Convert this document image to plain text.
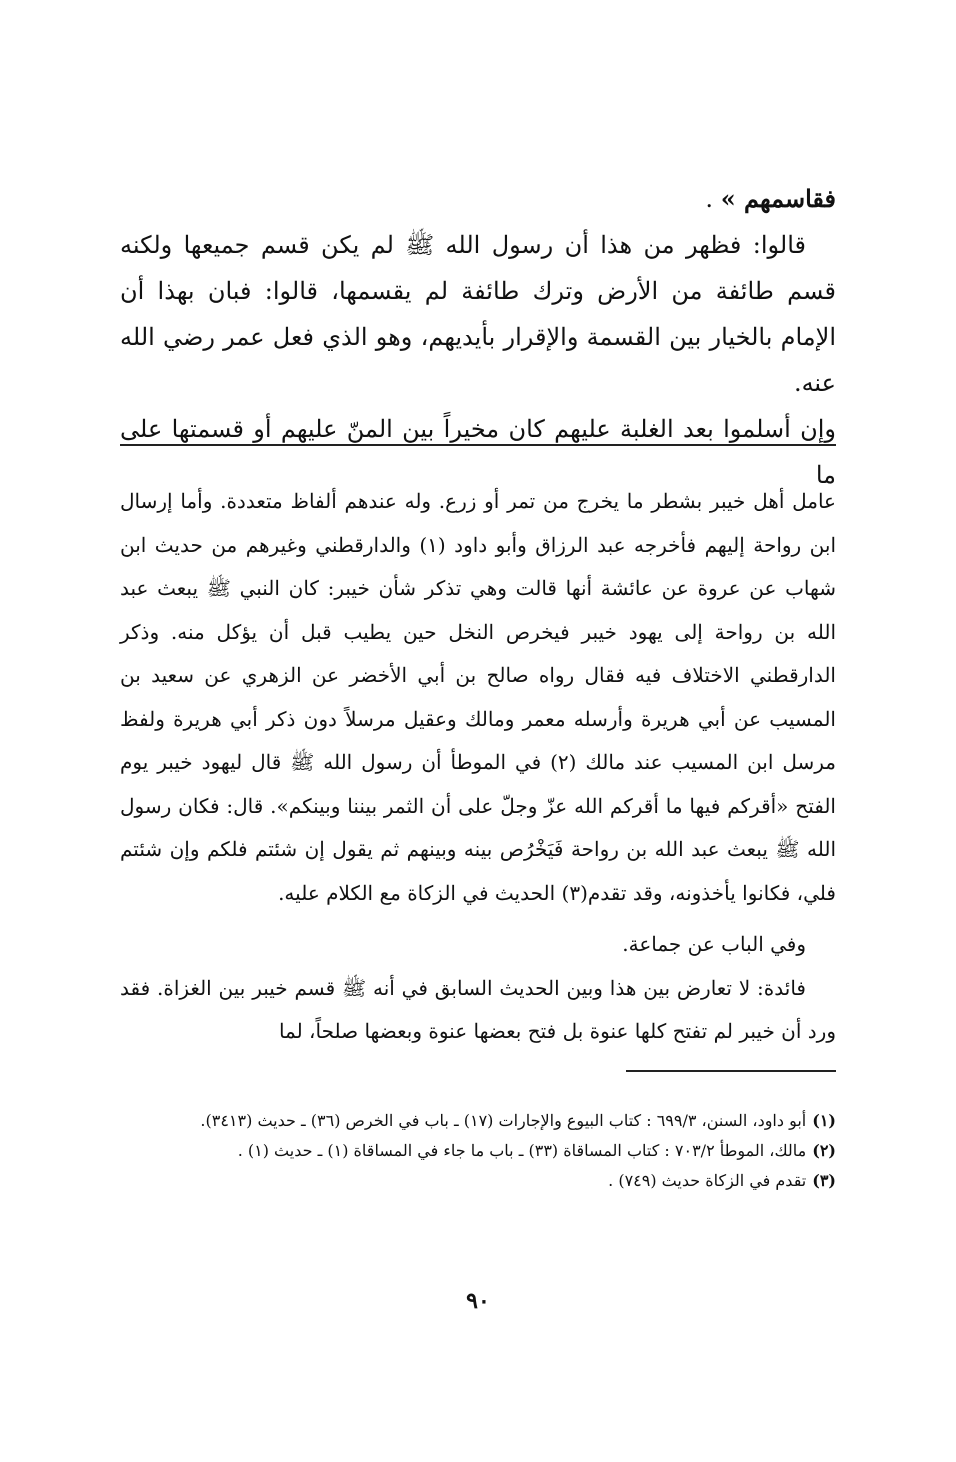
فقاسمهم » .

قالوا: فظهر من هذا أن رسول الله ﷺ لم يكن قسم جميعها ولكنه قسم طائفة من الأرض وترك طائفة لم يقسمها، قالوا: فبان بهذا أن الإمام بالخيار بين القسمة والإقرار بأيديهم، وهو الذي فعل عمر رضي الله عنه.

وإن أسلموا بعد الغلبة عليهم كان مخيراً بين المنّ عليهم أو قسمتها على ما

عامل أهل خيبر بشطر ما يخرج من تمر أو زرع. وله عندهم ألفاظ متعددة. وأما إرسال ابن رواحة إليهم فأخرجه عبد الرزاق وأبو داود (١) والدارقطني وغيرهم من حديث ابن شهاب عن عروة عن عائشة أنها قالت وهي تذكر شأن خيبر: كان النبي ﷺ يبعث عبد الله بن رواحة إلى يهود خيبر فيخرص النخل حين يطيب قبل أن يؤكل منه. وذكر الدارقطني الاختلاف فيه فقال رواه صالح بن أبي الأخضر عن الزهري عن سعيد بن المسيب عن أبي هريرة وأرسله معمر ومالك وعقيل مرسلاً دون ذكر أبي هريرة ولفظ مرسل ابن المسيب عند مالك (٢) في الموطأ أن رسول الله ﷺ قال ليهود خيبر يوم الفتح «أقركم فيها ما أقركم الله عزّ وجلّ على أن الثمر بيننا وبينكم». قال: فكان رسول الله ﷺ يبعث عبد الله بن رواحة فَيَخْرُص بينه وبينهم ثم يقول إن شئتم فلكم وإن شئتم فلي، فكانوا يأخذونه، وقد تقدم(٣) الحديث في الزكاة مع الكلام عليه.

وفي الباب عن جماعة.

فائدة: لا تعارض بين هذا وبين الحديث السابق في أنه ﷺ قسم خيبر بين الغزاة. فقد ورد أن خيبر لم تفتح كلها عنوة بل فتح بعضها عنوة وبعضها صلحاً، لما

(١)أبو داود، السنن، ٦٩٩/٣ : كتاب البيوع والإجارات (١٧) ـ باب في الخرص (٣٦) ـ حديث (٣٤١٣).

(٢)مالك، الموطأ ٧٠٣/٢ : كتاب المساقاة (٣٣) ـ باب ما جاء في المساقاة (١) ـ حديث (١) .

(٣)تقدم في الزكاة حديث (٧٤٩) .

٩٠
